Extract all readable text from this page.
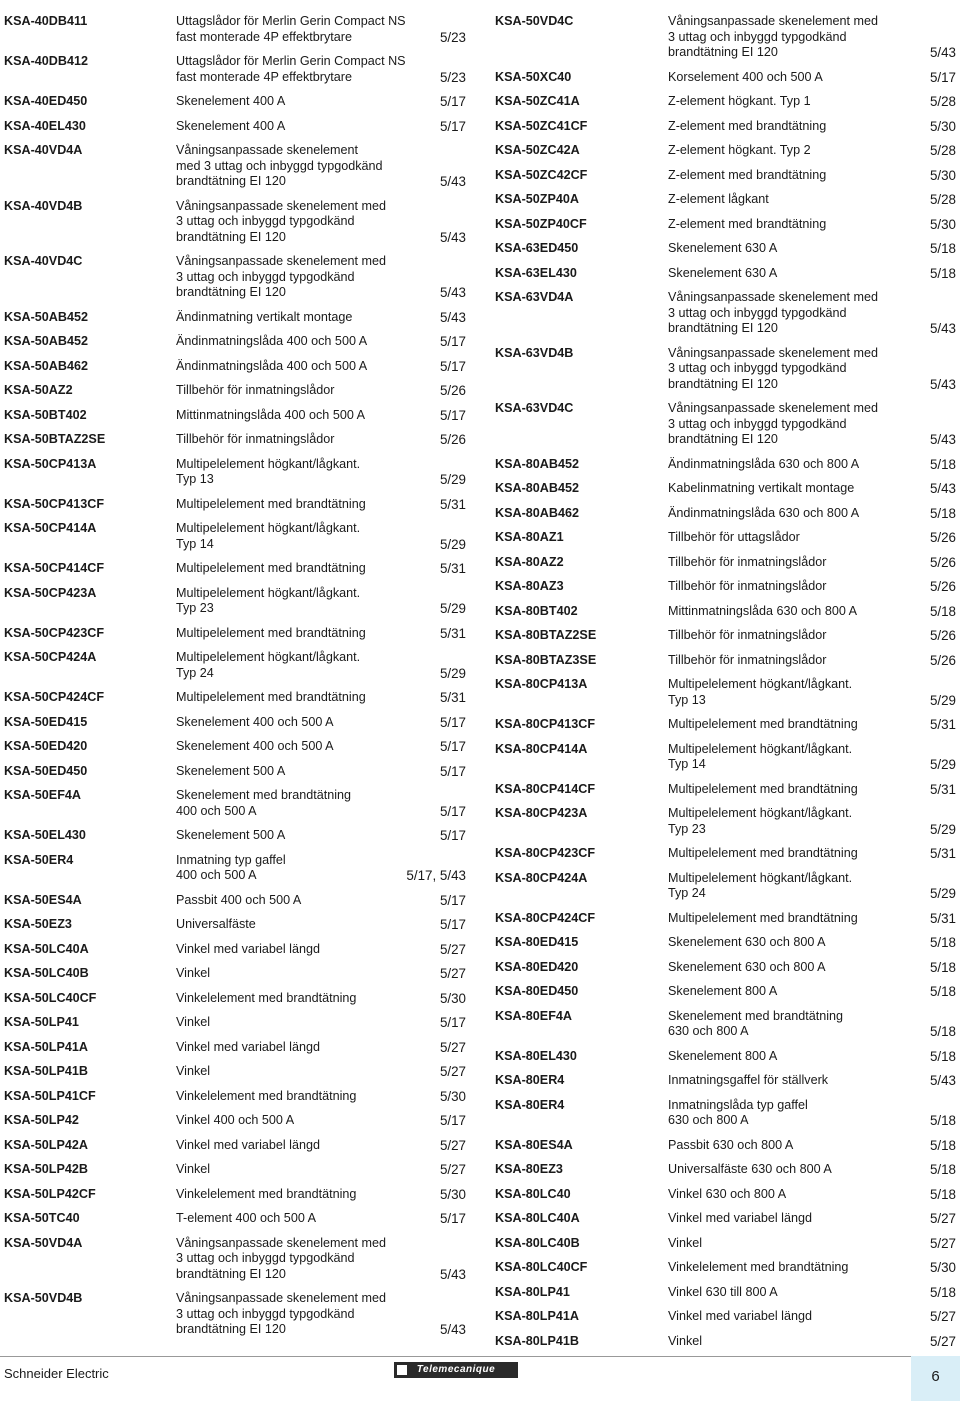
KSA-40DB411	Uttagslådor för Merlin Gerin Compact NS
fast monterade 4P effektbrytare	5/23
KSA-40DB412	Uttagslådor för Merlin Gerin Compact NS
fast monterade 4P effektbrytare	5/23
KSA-40ED450	Skenelement 400 A	5/17
KSA-40EL430	Skenelement 400 A	5/17
KSA-40VD4A	Våningsanpassade skenelement
med 3 uttag och inbyggd typgodkänd
brandtätning EI 120	5/43
KSA-40VD4B	Våningsanpassade skenelement med
3 uttag och inbyggd typgodkänd
brandtätning EI 120	5/43
KSA-40VD4C	Våningsanpassade skenelement med
3 uttag och inbyggd typgodkänd
brandtätning EI 120	5/43
KSA-50AB452	Ändinmatning vertikalt montage	5/43
KSA-50AB452	Ändinmatningslåda 400 och 500 A	5/17
KSA-50AB462	Ändinmatningslåda 400 och 500 A	5/17
KSA-50AZ2	Tillbehör för inmatningslådor	5/26
KSA-50BT402	Mittinmatningslåda 400 och 500 A	5/17
KSA-50BTAZ2SE	Tillbehör för inmatningslådor	5/26
KSA-50CP413A	Multipelelement högkant/lågkant.
Typ 13	5/29
KSA-50CP413CF	Multipelelement med brandtätning	5/31
KSA-50CP414A	Multipelelement högkant/lågkant.
Typ 14	5/29
KSA-50CP414CF	Multipelelement med brandtätning	5/31
KSA-50CP423A	Multipelelement högkant/lågkant.
Typ 23	5/29
KSA-50CP423CF	Multipelelement med brandtätning	5/31
KSA-50CP424A	Multipelelement högkant/lågkant.
Typ 24	5/29
KSA-50CP424CF	Multipelelement med brandtätning	5/31
KSA-50ED415	Skenelement 400 och 500 A	5/17
KSA-50ED420	Skenelement 400 och 500 A	5/17
KSA-50ED450	Skenelement 500 A	5/17
KSA-50EF4A	Skenelement med brandtätning
400 och 500 A	5/17
KSA-50EL430	Skenelement 500 A	5/17
KSA-50ER4	Inmatning typ gaffel
400 och 500 A	5/17, 5/43
KSA-50ES4A	Passbit 400 och 500 A	5/17
KSA-50EZ3	Universalfäste	5/17
KSA-50LC40A	Vinkel med variabel längd	5/27
KSA-50LC40B	Vinkel	5/27
KSA-50LC40CF	Vinkelelement med brandtätning	5/30
KSA-50LP41	Vinkel	5/17
KSA-50LP41A	Vinkel med variabel längd	5/27
KSA-50LP41B	Vinkel	5/27
KSA-50LP41CF	Vinkelelement med brandtätning	5/30
KSA-50LP42	Vinkel 400 och 500 A	5/17
KSA-50LP42A	Vinkel med variabel längd	5/27
KSA-50LP42B	Vinkel	5/27
KSA-50LP42CF	Vinkelelement med brandtätning	5/30
KSA-50TC40	T-element 400 och 500 A	5/17
KSA-50VD4A	Våningsanpassade skenelement med
3 uttag och inbyggd typgodkänd
brandtätning EI 120	5/43
KSA-50VD4B	Våningsanpassade skenelement med
3 uttag och inbyggd typgodkänd
brandtätning EI 120	5/43
KSA-50VD4C	Våningsanpassade skenelement med
3 uttag och inbyggd typgodkänd
brandtätning EI 120	5/43
KSA-50XC40	Korselement 400 och 500 A	5/17
KSA-50ZC41A	Z-element högkant. Typ 1	5/28
KSA-50ZC41CF	Z-element med brandtätning	5/30
KSA-50ZC42A	Z-element högkant. Typ 2	5/28
KSA-50ZC42CF	Z-element med brandtätning	5/30
KSA-50ZP40A	Z-element lågkant	5/28
KSA-50ZP40CF	Z-element med brandtätning	5/30
KSA-63ED450	Skenelement 630 A	5/18
KSA-63EL430	Skenelement 630 A	5/18
KSA-63VD4A	Våningsanpassade skenelement med
3 uttag och inbyggd typgodkänd
brandtätning EI 120	5/43
KSA-63VD4B	Våningsanpassade skenelement med
3 uttag och inbyggd typgodkänd
brandtätning EI 120	5/43
KSA-63VD4C	Våningsanpassade skenelement med
3 uttag och inbyggd typgodkänd
brandtätning EI 120	5/43
KSA-80AB452	Ändinmatningslåda 630 och 800 A	5/18
KSA-80AB452	Kabelinmatning vertikalt montage	5/43
KSA-80AB462	Ändinmatningslåda 630 och 800 A	5/18
KSA-80AZ1	Tillbehör för uttagslådor	5/26
KSA-80AZ2	Tillbehör för inmatningslådor	5/26
KSA-80AZ3	Tillbehör för inmatningslådor	5/26
KSA-80BT402	Mittinmatningslåda 630 och 800 A	5/18
KSA-80BTAZ2SE	Tillbehör för inmatningslådor	5/26
KSA-80BTAZ3SE	Tillbehör för inmatningslådor	5/26
KSA-80CP413A	Multipelelement högkant/lågkant.
Typ 13	5/29
KSA-80CP413CF	Multipelelement med brandtätning	5/31
KSA-80CP414A	Multipelelement högkant/lågkant.
Typ 14	5/29
KSA-80CP414CF	Multipelelement med brandtätning	5/31
KSA-80CP423A	Multipelelement högkant/lågkant.
Typ 23	5/29
KSA-80CP423CF	Multipelelement med brandtätning	5/31
KSA-80CP424A	Multipelelement högkant/lågkant.
Typ 24	5/29
KSA-80CP424CF	Multipelelement med brandtätning	5/31
KSA-80ED415	Skenelement 630 och 800 A	5/18
KSA-80ED420	Skenelement 630 och 800 A	5/18
KSA-80ED450	Skenelement 800 A	5/18
KSA-80EF4A	Skenelement med brandtätning
630 och 800 A	5/18
KSA-80EL430	Skenelement 800 A	5/18
KSA-80ER4	Inmatningsgaffel för ställverk	5/43
KSA-80ER4	Inmatningslåda typ gaffel
630 och 800 A	5/18
KSA-80ES4A	Passbit 630 och 800 A	5/18
KSA-80EZ3	Universalfäste 630 och 800 A	5/18
KSA-80LC40	Vinkel 630 och 800 A	5/18
KSA-80LC40A	Vinkel med variabel längd	5/27
KSA-80LC40B	Vinkel	5/27
KSA-80LC40CF	Vinkelelement med brandtätning	5/30
KSA-80LP41	Vinkel 630 till 800 A	5/18
KSA-80LP41A	Vinkel med variabel längd	5/27
KSA-80LP41B	Vinkel	5/27
Schneider Electric	Telemecanique	6
